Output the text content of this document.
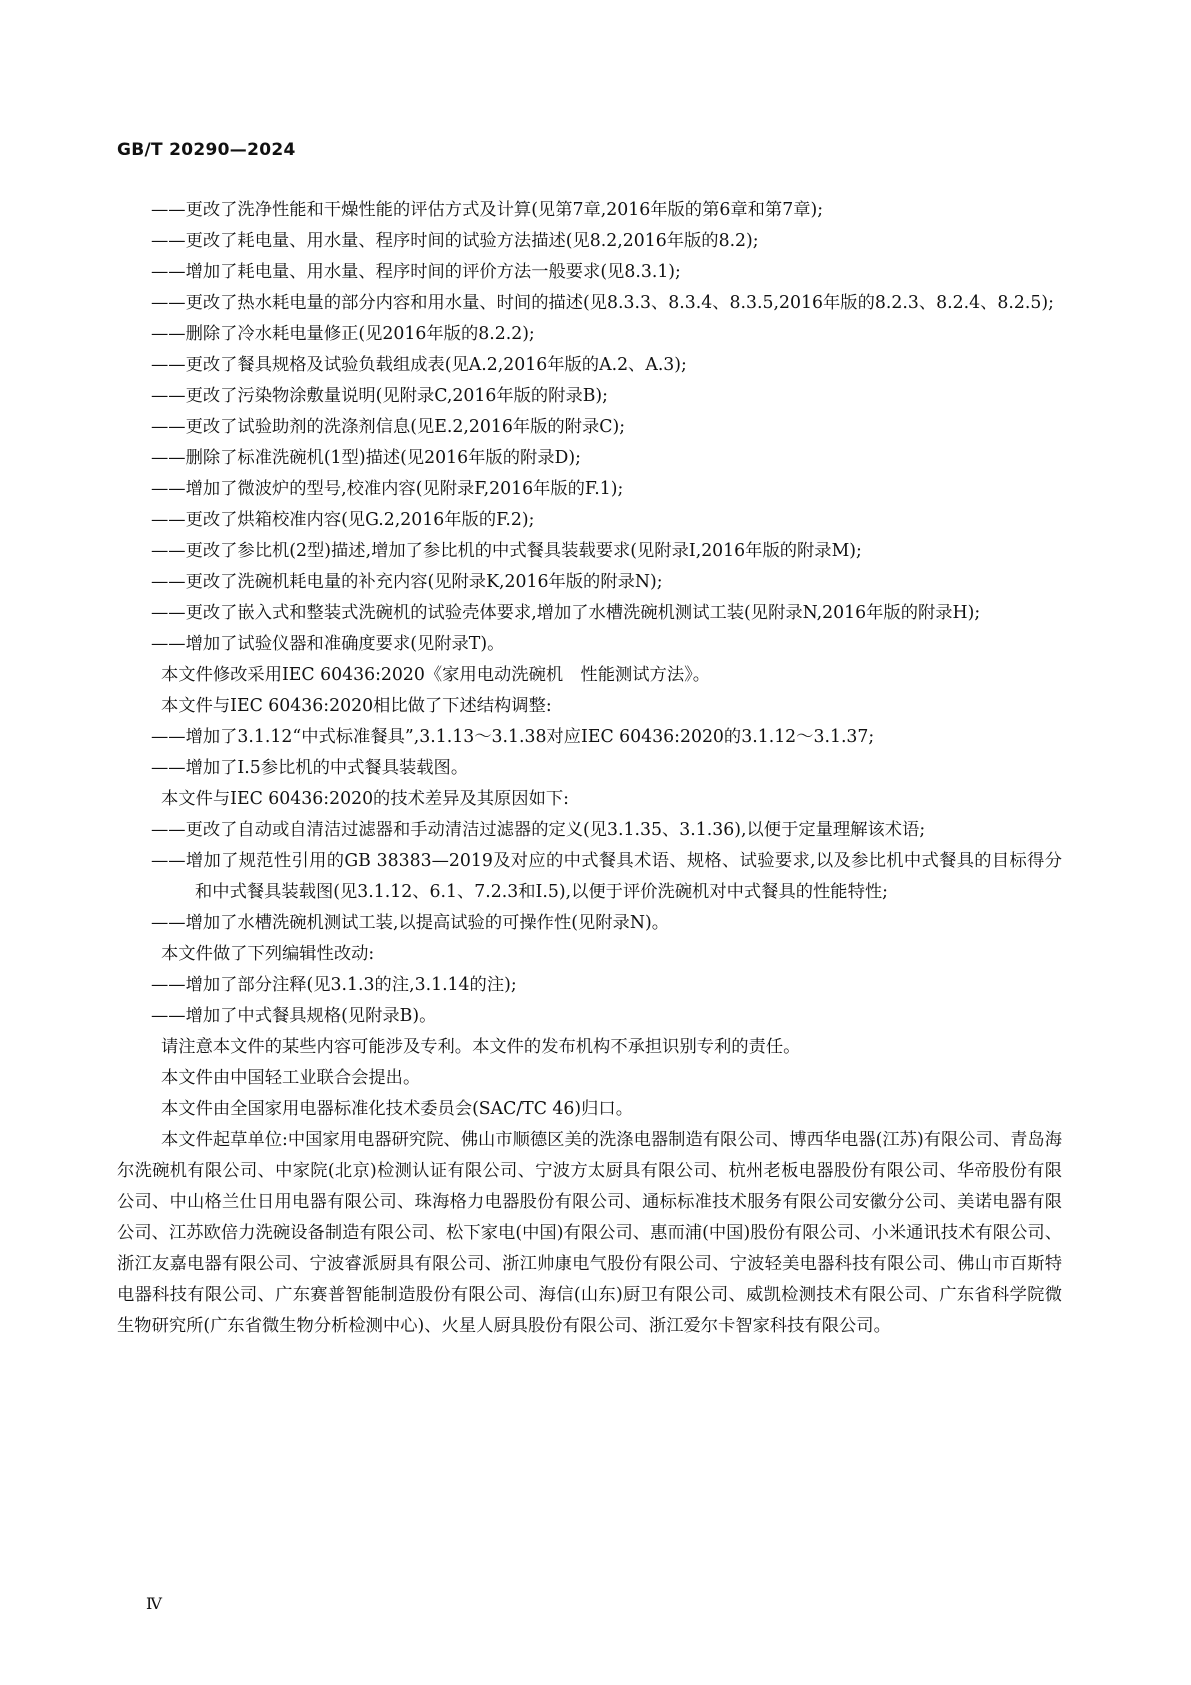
GB/T 20290—2024

——更改了洗净性能和干燥性能的评估方式及计算(见第7章,2016年版的第6章和第7章);

——更改了耗电量、用水量、程序时间的试验方法描述(见8.2,2016年版的8.2);

——增加了耗电量、用水量、程序时间的评价方法一般要求(见8.3.1);

——更改了热水耗电量的部分内容和用水量、时间的描述(见8.3.3、8.3.4、8.3.5,2016年版的8.2.3、8.2.4、8.2.5);

——删除了冷水耗电量修正(见2016年版的8.2.2);

——更改了餐具规格及试验负载组成表(见A.2,2016年版的A.2、A.3);

——更改了污染物涂敷量说明(见附录C,2016年版的附录B);

——更改了试验助剂的洗涤剂信息(见E.2,2016年版的附录C);

——删除了标准洗碗机(1型)描述(见2016年版的附录D);

——增加了微波炉的型号,校准内容(见附录F,2016年版的F.1);

——更改了烘箱校准内容(见G.2,2016年版的F.2);

——更改了参比机(2型)描述,增加了参比机的中式餐具装载要求(见附录I,2016年版的附录M);

——更改了洗碗机耗电量的补充内容(见附录K,2016年版的附录N);

——更改了嵌入式和整装式洗碗机的试验壳体要求,增加了水槽洗碗机测试工装(见附录N,2016年版的附录H);

——增加了试验仪器和准确度要求(见附录T)。

本文件修改采用IEC 60436:2020《家用电动洗碗机　性能测试方法》。

本文件与IEC 60436:2020相比做了下述结构调整:

——增加了3.1.12“中式标准餐具”,3.1.13～3.1.38对应IEC 60436:2020的3.1.12～3.1.37;

——增加了I.5参比机的中式餐具装载图。

本文件与IEC 60436:2020的技术差异及其原因如下:

——更改了自动或自清洁过滤器和手动清洁过滤器的定义(见3.1.35、3.1.36),以便于定量理解该术语;

——增加了规范性引用的GB 38383—2019及对应的中式餐具术语、规格、试验要求,以及参比机中式餐具的目标得分和中式餐具装载图(见3.1.12、6.1、7.2.3和I.5),以便于评价洗碗机对中式餐具的性能特性;

——增加了水槽洗碗机测试工装,以提高试验的可操作性(见附录N)。

本文件做了下列编辑性改动:

——增加了部分注释(见3.1.3的注,3.1.14的注);

——增加了中式餐具规格(见附录B)。

请注意本文件的某些内容可能涉及专利。本文件的发布机构不承担识别专利的责任。

本文件由中国轻工业联合会提出。

本文件由全国家用电器标准化技术委员会(SAC/TC 46)归口。

本文件起草单位:中国家用电器研究院、佛山市顺德区美的洗涤电器制造有限公司、博西华电器(江苏)有限公司、青岛海尔洗碗机有限公司、中家院(北京)检测认证有限公司、宁波方太厨具有限公司、杭州老板电器股份有限公司、华帝股份有限公司、中山格兰仕日用电器有限公司、珠海格力电器股份有限公司、通标标准技术服务有限公司安徽分公司、美诺电器有限公司、江苏欧倍力洗碗设备制造有限公司、松下家电(中国)有限公司、惠而浦(中国)股份有限公司、小米通讯技术有限公司、浙江友嘉电器有限公司、宁波睿派厨具有限公司、浙江帅康电气股份有限公司、宁波轻美电器科技有限公司、佛山市百斯特电器科技有限公司、广东赛普智能制造股份有限公司、海信(山东)厨卫有限公司、威凯检测技术有限公司、广东省科学院微生物研究所(广东省微生物分析检测中心)、火星人厨具股份有限公司、浙江爱尔卡智家科技有限公司。

Ⅳ
